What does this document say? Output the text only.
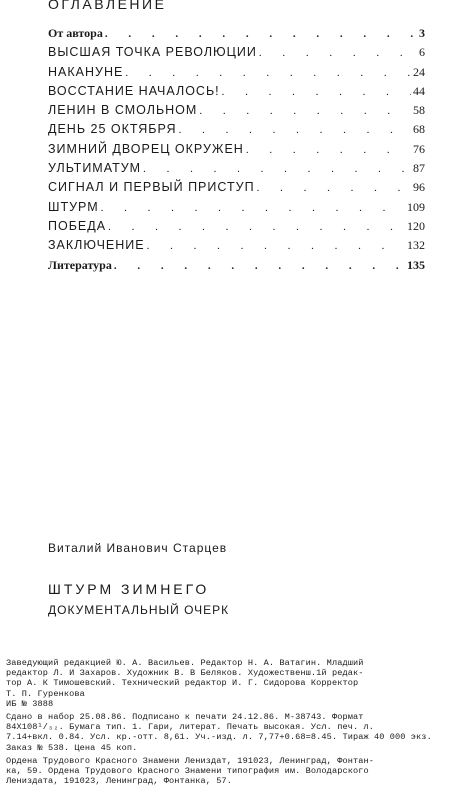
ОГЛАВЛЕНИЕ
От автора . . .	3
ВЫСШАЯ ТОЧКА РЕВОЛЮЦИИ . . .	6
НАКАНУНЕ . . .	24
ВОССТАНИЕ НАЧАЛОСЬ! . . .	44
ЛЕНИН В СМОЛЬНОМ . . .	58
ДЕНЬ 25 ОКТЯБРЯ . . .	68
ЗИМНИЙ ДВОРЕЦ ОКРУЖЕН . . .	76
УЛЬТИМАТУМ . . .	87
СИГНАЛ И ПЕРВЫЙ ПРИСТУП . . .	96
ШТУРМ . . .	109
ПОБЕДА . . .	120
ЗАКЛЮЧЕНИЕ . . .	132
Литература . . .	135
Виталий Иванович Старцев
ШТУРМ ЗИМНЕГО
ДОКУМЕНТАЛЬНЫЙ ОЧЕРК
Заведующий редакцией Ю. А. Васильев. Редактор Н. А. Ватагин. Младший
редактор Л. И Захаров. Художник В. В Беляков. Художественш.1й редак-
тор А. К Тимошевский. Технический редактор И. Г. Сидорова Корректор
Т. П. Гуренкова
ИБ № 3888
Сдано в набор 25.08.86. Подписано к печати 24.12.86. М-38743. Формат
84X108¹/₃₂. Бумага тип. 1. Гари, литерат. Печать высокая. Усл. печ. л.
7.14+вкл. 0.84. Усл. кр.-отт. 8,61. Уч.-изд. л. 7,77+0.68=8.45. Тираж 40 000 экз.
Заказ № 538. Цена 45 коп.
Ордена Трудового Красного Знамени Лениздат, 191023, Ленинград, Фонтан-
ка, 59. Ордена Трудового Красного Знамени типография им. Володарского
Лениздата, 191023, Ленинград, Фонтанка, 57.
